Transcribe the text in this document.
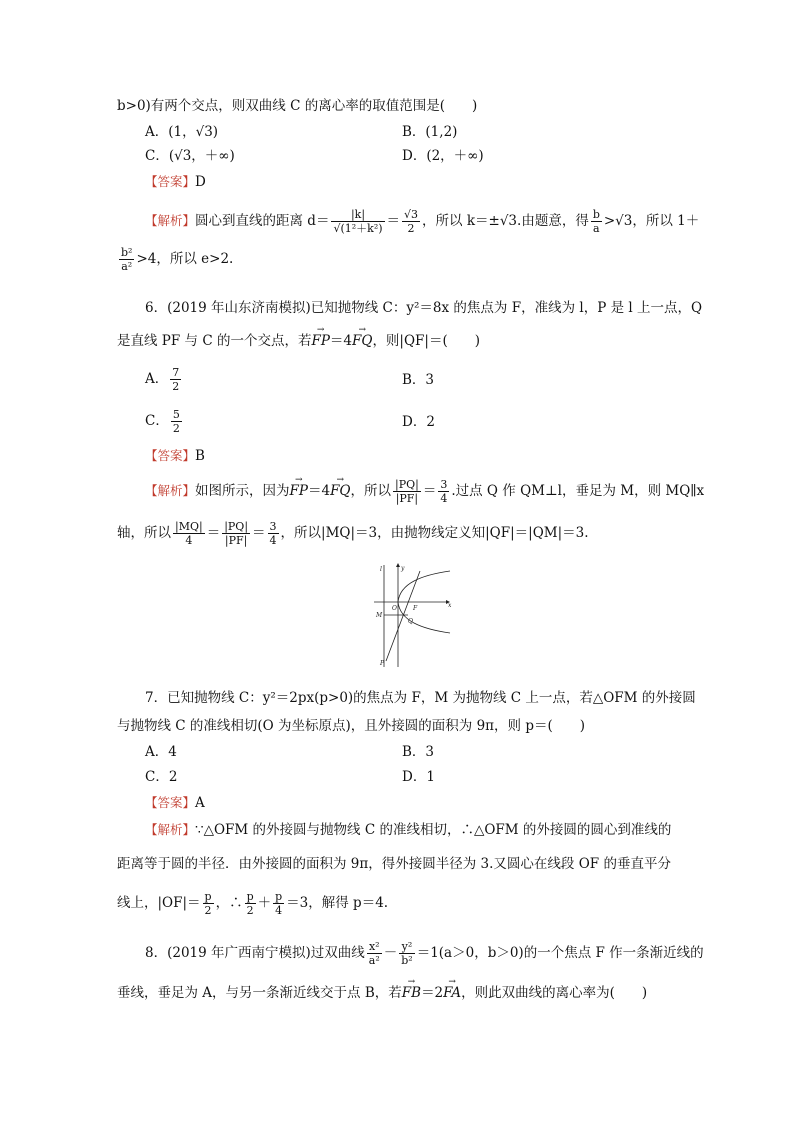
b>0)有两个交点，则双曲线 C 的离心率的取值范围是(　　)
A．(1，√3)	B．(1,2)
C．(√3，＋∞)	D．(2，＋∞)
【答案】D
【解析】圆心到直线的距离 $d= \frac{|k|}{\text{√(1²＋k²)}} = \frac{√3}{2}$ ，所以 k＝±√3.由题意，得 $\frac{b}{a} >√3$，所以 1＋
$\frac{\text{b²}}{\text{a²}} >4$，所以 e>2.
6．(2019 年山东济南模拟)已知抛物线 C：y²＝8x 的焦点为 F，准线为 l，P 是 l 上一点，Q
是直线 PF 与 C 的一个交点，若→ FP＝4→ FQ，则|QF|＝(　　)
A． $\frac{7}{2}$	B．3
C． $\frac{5}{2}$	D．2
【答案】B
【解析】如图所示，因为→ FP＝4→ FQ，所以 $\frac{|PQ|}{|PF|} = \frac{3}{4}$ .过点 Q 作 QM⊥l，垂足为 M，则 MQ∥x
轴，所以 $\frac{|MQ|}{4} = \frac{|PQ|}{|PF|} = \frac{3}{4}$ ，所以|MQ|＝3，由抛物线定义知|QF|＝|QM|＝3.
l	y
x
O	F
M
Q
P
7．已知抛物线 C：y²＝2px(p>0)的焦点为 F，M 为抛物线 C 上一点，若△OFM 的外接圆
与抛物线 C 的准线相切(O 为坐标原点)，且外接圆的面积为 9π，则 p＝(　　)
A．4	B．3
C．2	D．1
【答案】A
【解析】∵△OFM 的外接圆与抛物线 C 的准线相切，∴△OFM 的外接圆的圆心到准线的
距离等于圆的半径．由外接圆的面积为 9π，得外接圆半径为 3.又圆心在线段 OF 的垂直平分
线上，$|OF|= \frac{p}{2}$ ，∴ $\frac{p}{2} + \frac{p}{4} =3$，解得 p＝4.
8．(2019 年广西南宁模拟)过双曲线 $\frac{\text{x²}}{\text{a²}} - \frac{\text{y²}}{\text{b²}} =1(a>0$，b＞0)的一个焦点 F 作一条渐近线的
垂线，垂足为 A，与另一条渐近线交于点 B，若→ FB＝2→ FA，则此双曲线的离心率为(　　)
